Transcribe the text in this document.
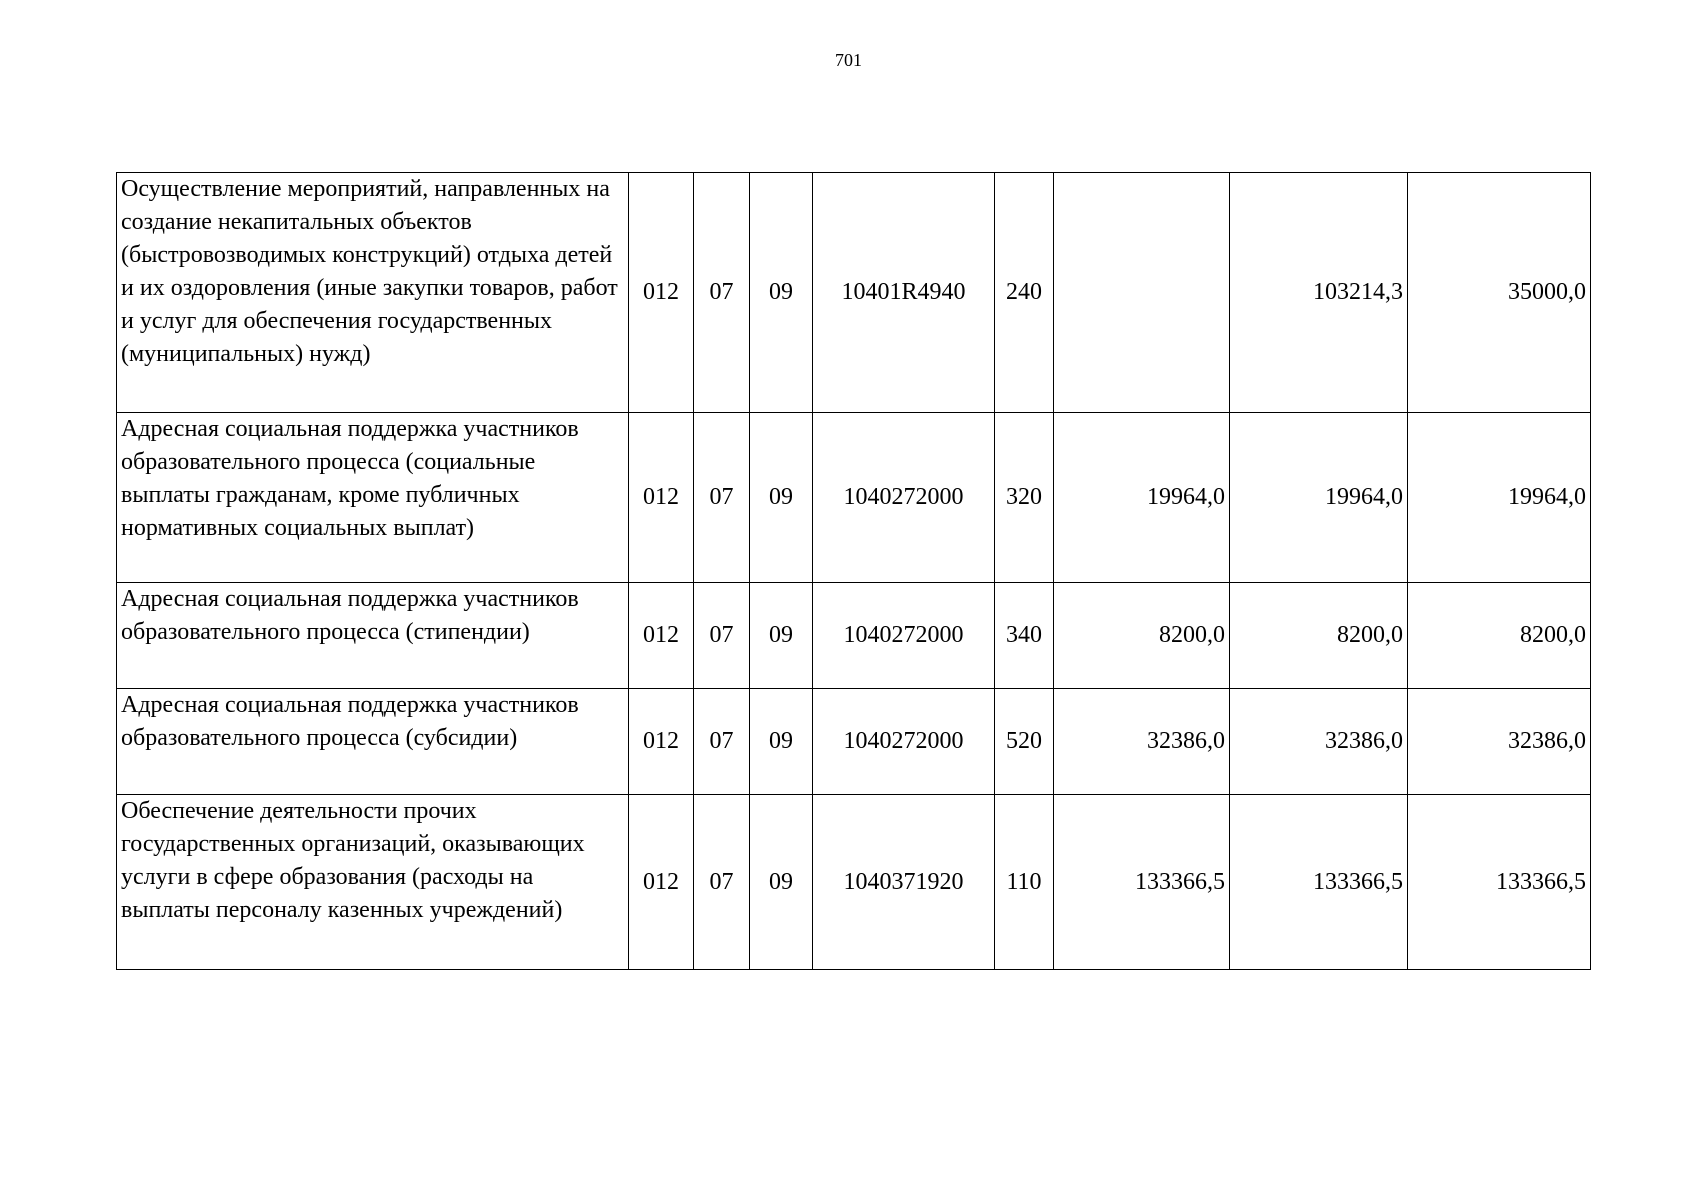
701
Осуществление мероприятий, направленных на создание некапитальных объектов (быстровозводимых конструкций) отдыха детей и их оздоровления (иные закупки товаров, работ и услуг для обеспечения государственных (муниципальных) нужд)	012	07	09	10401R4940	240		103214,3	35000,0
Адресная социальная поддержка участников образовательного процесса (социальные выплаты гражданам, кроме публичных нормативных социальных выплат)	012	07	09	1040272000	320	19964,0	19964,0	19964,0
Адресная социальная поддержка участников образовательного процесса (стипендии)	012	07	09	1040272000	340	8200,0	8200,0	8200,0
Адресная социальная поддержка участников образовательного процесса (субсидии)	012	07	09	1040272000	520	32386,0	32386,0	32386,0
Обеспечение деятельности прочих государственных организаций, оказывающих услуги в сфере образования (расходы на выплаты персоналу казенных учреждений)	012	07	09	1040371920	110	133366,5	133366,5	133366,5
